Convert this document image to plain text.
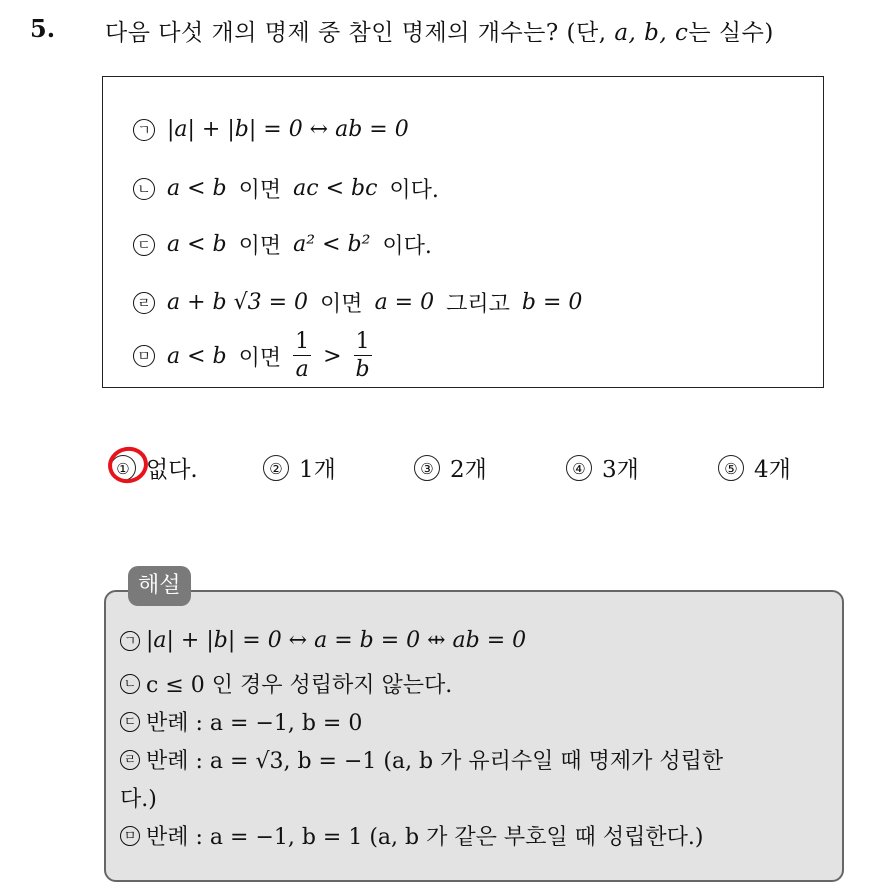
5. 다음 다섯 개의 명제 중 참인 명제의 개수는? (단, a, b, c는 실수)
ㄱ |a| + |b| = 0 ↔ ab = 0
ㄴ a < b 이면 ac < bc 이다.
ㄷ a < b 이면 a² < b² 이다.
ㄹ a + b √3 = 0 이면 a = 0 그리고 b = 0
ㅁ a < b 이면 $\frac{1}{a} > \frac{1}{b}$
① 없다.	② 1개	③ 2개	④ 3개	⑤ 4개
ㄱ |a| + |b| = 0 ↔ a = b = 0 ⇹ ab = 0
ㄴ c ≤ 0 인 경우 성립하지 않는다.
ㄷ 반례 : a = −1, b = 0
ㄹ 반례 : a = √3, b = −1 (a, b 가 유리수일 때 명제가 성립한
다.)
ㅁ 반례 : a = −1, b = 1 (a, b 가 같은 부호일 때 성립한다.)
해설
